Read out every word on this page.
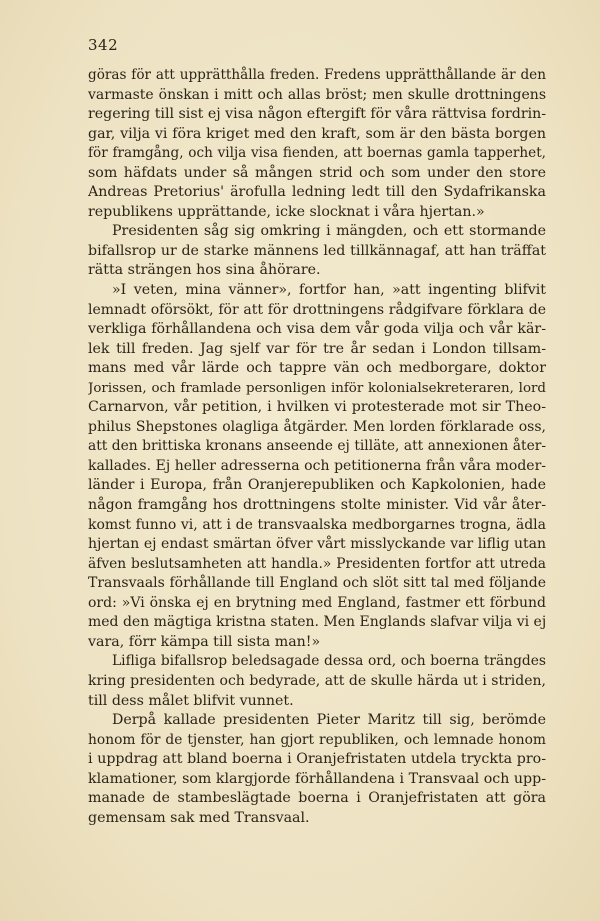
342
göras för att upprätthålla freden. Fredens upprätthållande är den
varmaste önskan i mitt och allas bröst; men skulle drottningens
regering till sist ej visa någon eftergift för våra rättvisa fordrin-
gar, vilja vi föra kriget med den kraft, som är den bästa borgen
för framgång, och vilja visa fienden, att boernas gamla tapperhet,
som häfdats under så mången strid och som under den store
Andreas Pretorius' ärofulla ledning ledt till den Sydafrikanska
republikens upprättande, icke slocknat i våra hjertan.»
Presidenten såg sig omkring i mängden, och ett stormande
bifallsrop ur de starke männens led tillkännagaf, att han träffat
rätta strängen hos sina åhörare.
»I veten, mina vänner», fortfor han, »att ingenting blifvit
lemnadt oförsökt, för att för drottningens rådgifvare förklara de
verkliga förhållandena och visa dem vår goda vilja och vår kär-
lek till freden. Jag sjelf var för tre år sedan i London tillsam-
mans med vår lärde och tappre vän och medborgare, doktor
Jorissen, och framlade personligen inför kolonialsekreteraren, lord
Carnarvon, vår petition, i hvilken vi protesterade mot sir Theo-
philus Shepstones olagliga åtgärder. Men lorden förklarade oss,
att den brittiska kronans anseende ej tilläte, att annexionen åter-
kallades. Ej heller adresserna och petitionerna från våra moder-
länder i Europa, från Oranjerepubliken och Kapkolonien, hade
någon framgång hos drottningens stolte minister. Vid vår åter-
komst funno vi, att i de transvaalska medborgarnes trogna, ädla
hjertan ej endast smärtan öfver vårt misslyckande var liflig utan
äfven beslutsamheten att handla.» Presidenten fortfor att utreda
Transvaals förhållande till England och slöt sitt tal med följande
ord: »Vi önska ej en brytning med England, fastmer ett förbund
med den mägtiga kristna staten. Men Englands slafvar vilja vi ej
vara, förr kämpa till sista man!»
Lifliga bifallsrop beledsagade dessa ord, och boerna trängdes
kring presidenten och bedyrade, att de skulle härda ut i striden,
till dess målet blifvit vunnet.
Derpå kallade presidenten Pieter Maritz till sig, berömde
honom för de tjenster, han gjort republiken, och lemnade honom
i uppdrag att bland boerna i Oranjefristaten utdela tryckta pro-
klamationer, som klargjorde förhållandena i Transvaal och upp-
manade de stambeslägtade boerna i Oranjefristaten att göra
gemensam sak med Transvaal.
